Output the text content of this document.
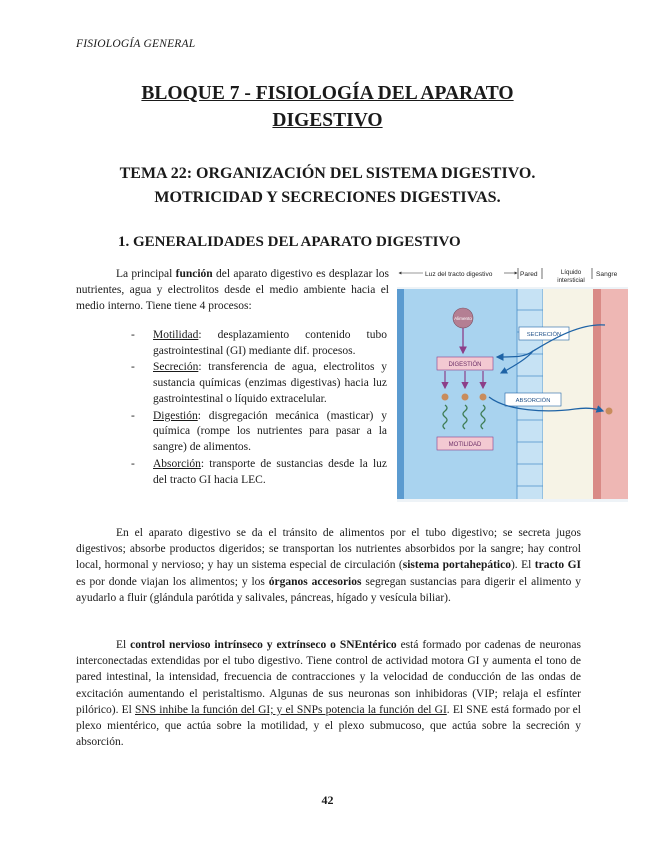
FISIOLOGÍA GENERAL
BLOQUE 7 - FISIOLOGÍA DEL APARATO
DIGESTIVO
TEMA 22: ORGANIZACIÓN DEL SISTEMA DIGESTIVO.
MOTRICIDAD Y SECRECIONES DIGESTIVAS.
1. GENERALIDADES DEL APARATO DIGESTIVO

La principal función del aparato digestivo es desplazar los nutrientes, agua y electrolitos desde el medio ambiente hacia el medio interno. Tiene tiene 4 procesos:

- Motilidad: desplazamiento contenido tubo gastrointestinal (GI) mediante dif. procesos.
- Secreción: transferencia de agua, electrolitos y sustancia químicas (enzimas digestivas) hacia luz gastrointestinal o líquido extracelular.
- Digestión: disgregación mecánica (masticar) y química (rompe los nutrientes para pasar a la sangre) de alimentos.
- Absorción: transporte de sustancias desde la luz del tracto GI hacia LEC.
Luz del tracto digestivo	Pared	Líquido
intersticial
Sangre
Alimento
DIGESTIÓN
MOTILIDAD
SECRECIÓN
ABSORCIÓN

En el aparato digestivo se da el tránsito de alimentos por el tubo digestivo; se secreta jugos digestivos; absorbe productos digeridos; se transportan los nutrientes absorbidos por la sangre; hay control local, hormonal y nervioso; y hay un sistema especial de circulación (sistema portahepático). El tracto GI es por donde viajan los alimentos; y los órganos accesorios segregan sustancias para digerir el alimento y ayudarlo a fluir (glándula parótida y salivales, páncreas, hígado y vesícula biliar).

El control nervioso intrínseco y extrínseco o SNEntérico está formado por cadenas de neuronas interconectadas extendidas por el tubo digestivo. Tiene control de actividad motora GI y aumenta el tono de pared intestinal, la intensidad, frecuencia de contracciones y la velocidad de conducción de las ondas de excitación aumentando el peristaltismo. Algunas de sus neuronas son inhibidoras (VIP; relaja el esfínter pilórico). El SNS inhibe la función del GI; y el SNPs potencia la función del GI. El SNE está formado por el plexo mientérico, que actúa sobre la motilidad, y el plexo submucoso, que actúa sobre la secreción y absorción.

42
